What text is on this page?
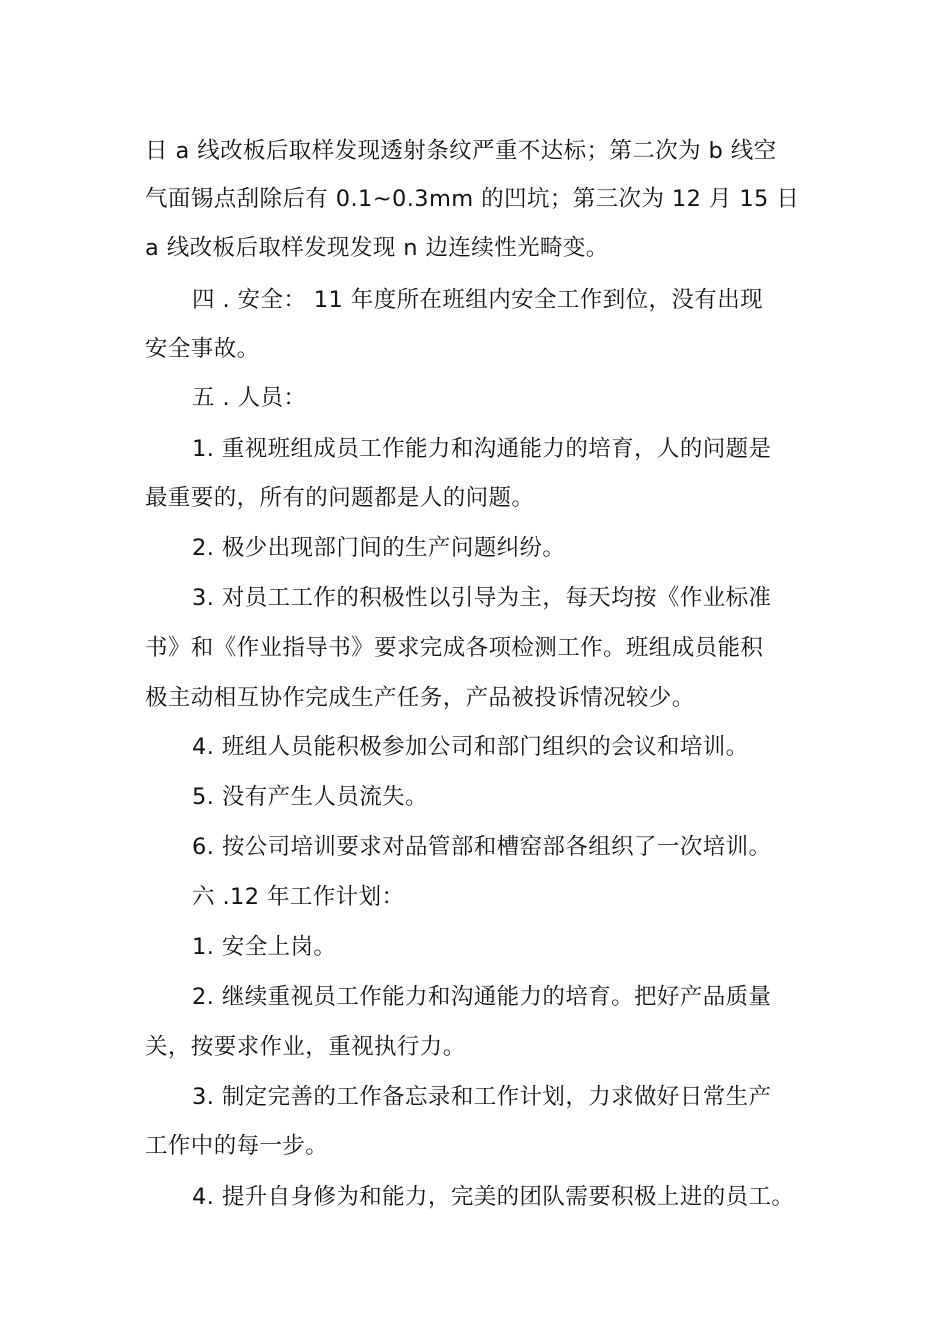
日 a 线改板后取样发现透射条纹严重不达标；第二次为 b 线空
气面锡点刮除后有 0.1~0.3mm 的凹坑；第三次为 12 月 15 日
a 线改板后取样发现发现 n 边连续性光畸变。
四 . 安全： 11 年度所在班组内安全工作到位，没有出现
安全事故。
五 . 人员：
1. 重视班组成员工作能力和沟通能力的培育，人的问题是
最重要的，所有的问题都是人的问题。
2. 极少出现部门间的生产问题纠纷。
3. 对员工工作的积极性以引导为主，每天均按《作业标准
书》和《作业指导书》要求完成各项检测工作。班组成员能积
极主动相互协作完成生产任务，产品被投诉情况较少。
4. 班组人员能积极参加公司和部门组织的会议和培训。
5. 没有产生人员流失。
6. 按公司培训要求对品管部和槽窑部各组织了一次培训。
六 .12 年工作计划：
1. 安全上岗。
2. 继续重视员工作能力和沟通能力的培育。把好产品质量
关，按要求作业，重视执行力。
3. 制定完善的工作备忘录和工作计划，力求做好日常生产
工作中的每一步。
4. 提升自身修为和能力，完美的团队需要积极上进的员工。
